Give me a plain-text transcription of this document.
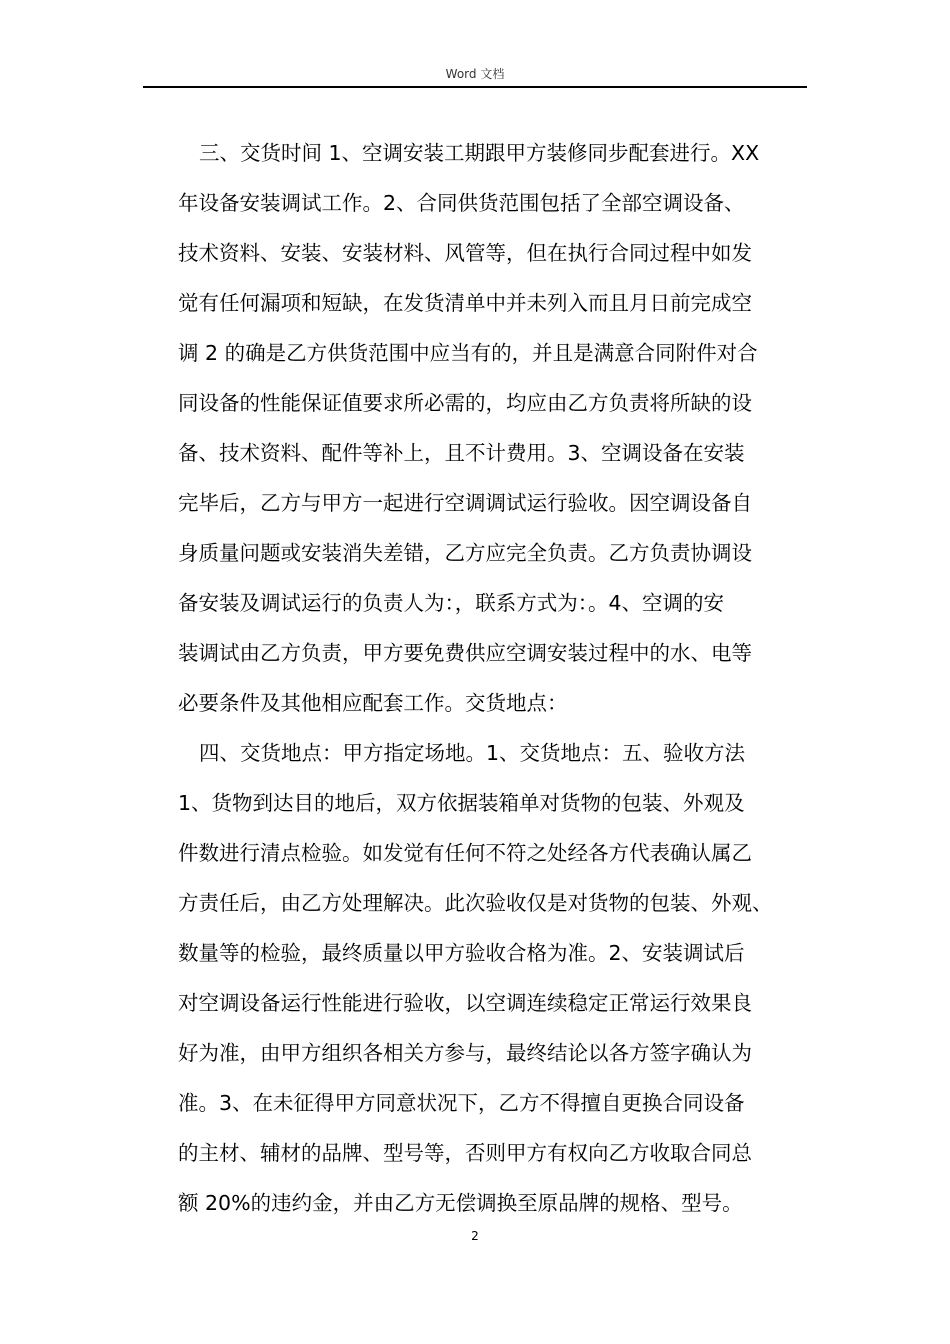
Word 文档
三、交货时间 1、空调安装工期跟甲方装修同步配套进行。XX
年设备安装调试工作。2、合同供货范围包括了全部空调设备、
技术资料、安装、安装材料、风管等，但在执行合同过程中如发
觉有任何漏项和短缺，在发货清单中并未列入而且月日前完成空
调 2 的确是乙方供货范围中应当有的，并且是满意合同附件对合
同设备的性能保证值要求所必需的，均应由乙方负责将所缺的设
备、技术资料、配件等补上，且不计费用。3、空调设备在安装
完毕后，乙方与甲方一起进行空调调试运行验收。因空调设备自
身质量问题或安装消失差错，乙方应完全负责。乙方负责协调设
备安装及调试运行的负责人为：，联系方式为：。4、空调的安
装调试由乙方负责，甲方要免费供应空调安装过程中的水、电等
必要条件及其他相应配套工作。交货地点：
四、交货地点：甲方指定场地。1、交货地点：五、验收方法
1、货物到达目的地后，双方依据装箱单对货物的包装、外观及
件数进行清点检验。如发觉有任何不符之处经各方代表确认属乙
方责任后，由乙方处理解决。此次验收仅是对货物的包装、外观、
数量等的检验，最终质量以甲方验收合格为准。2、安装调试后
对空调设备运行性能进行验收，以空调连续稳定正常运行效果良
好为准，由甲方组织各相关方参与，最终结论以各方签字确认为
准。3、在未征得甲方同意状况下，乙方不得擅自更换合同设备
的主材、辅材的品牌、型号等，否则甲方有权向乙方收取合同总
额 20%的违约金，并由乙方无偿调换至原品牌的规格、型号。
2
